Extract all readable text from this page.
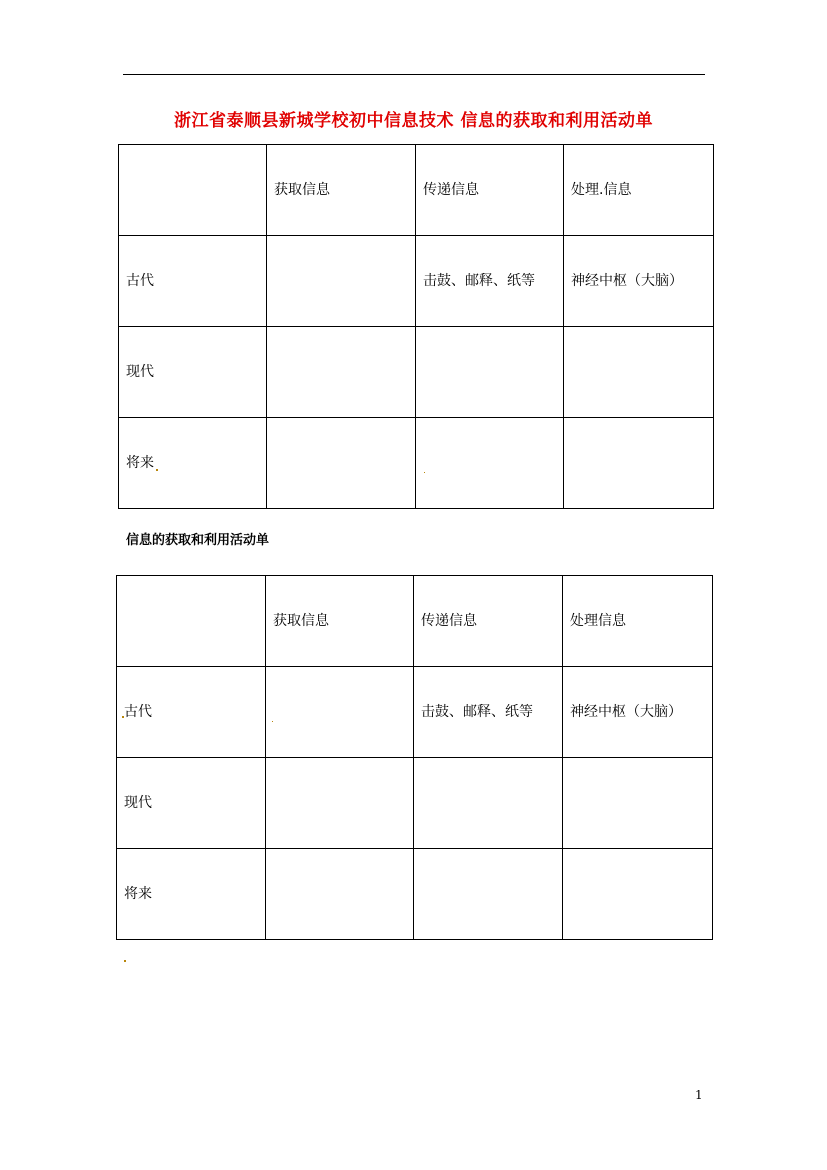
浙江省泰顺县新城学校初中信息技术 信息的获取和利用活动单
	获取信息	传递信息	处理.信息
古代		击鼓、邮释、纸等	神经中枢（大脑）
现代			
将来			
信息的获取和利用活动单
	获取信息	传递信息	处理信息
古代		击鼓、邮释、纸等	神经中枢（大脑）
现代			
将来			
1
